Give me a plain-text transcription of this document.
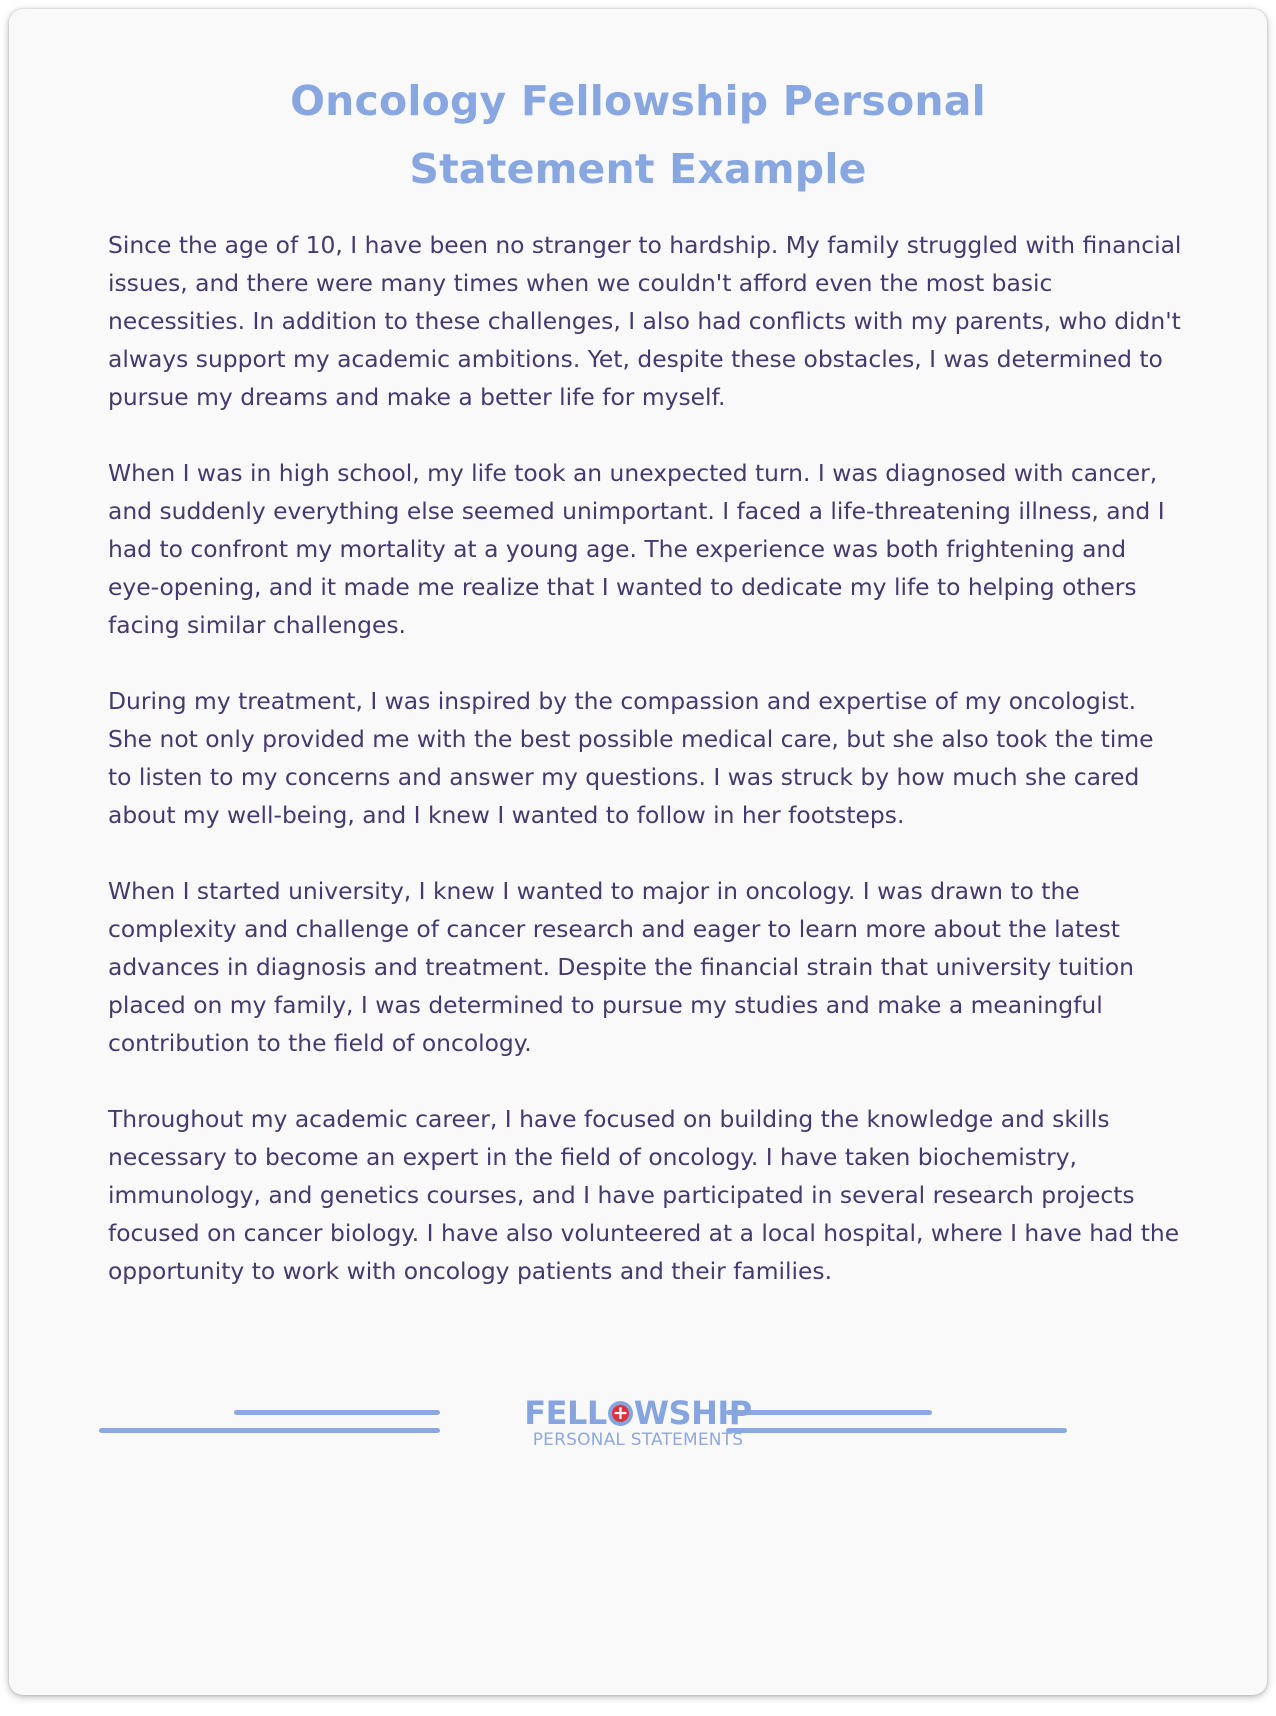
Oncology Fellowship Personal
Statement Example

Since the age of 10, I have been no stranger to hardship. My family struggled with financial issues, and there were many times when we couldn't afford even the most basic necessities. In addition to these challenges, I also had conflicts with my parents, who didn't always support my academic ambitions. Yet, despite these obstacles, I was determined to pursue my dreams and make a better life for myself.

When I was in high school, my life took an unexpected turn. I was diagnosed with cancer, and suddenly everything else seemed unimportant. I faced a life-threatening illness, and I had to confront my mortality at a young age. The experience was both frightening and eye-opening, and it made me realize that I wanted to dedicate my life to helping others facing similar challenges.

During my treatment, I was inspired by the compassion and expertise of my oncologist. She not only provided me with the best possible medical care, but she also took the time to listen to my concerns and answer my questions. I was struck by how much she cared about my well-being, and I knew I wanted to follow in her footsteps.

When I started university, I knew I wanted to major in oncology. I was drawn to the complexity and challenge of cancer research and eager to learn more about the latest advances in diagnosis and treatment. Despite the financial strain that university tuition placed on my family, I was determined to pursue my studies and make a meaningful contribution to the field of oncology.

Throughout my academic career, I have focused on building the knowledge and skills necessary to become an expert in the field of oncology. I have taken biochemistry, immunology, and genetics courses, and I have participated in several research projects focused on cancer biology. I have also volunteered at a local hospital, where I have had the opportunity to work with oncology patients and their families.

FELL
+ WSHIP
PERSONAL STATEMENTS
